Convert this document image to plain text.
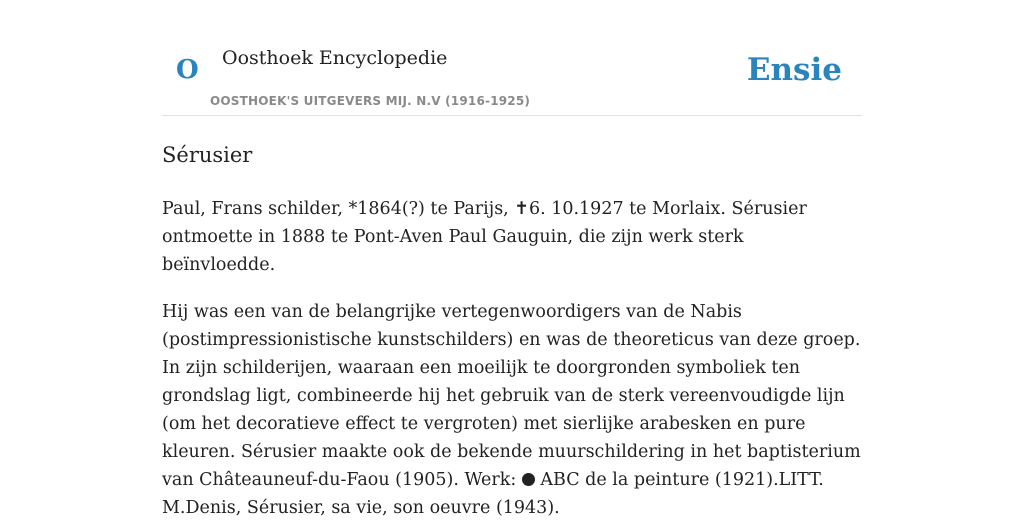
O Oosthoek Encyclopedie
OOSTHOEK'S UITGEVERS MIJ. N.V (1916-1925)
Ensie
Sérusier

Paul, Frans schilder, *1864(?) te Parijs, ✝6. 10.1927 te Morlaix. Sérusier ontmoette in 1888 te Pont-Aven Paul Gauguin, die zijn werk sterk beïnvloedde.

Hij was een van de belangrijke vertegenwoordigers van de Nabis (postimpressionistische kunstschilders) en was de theoreticus van deze groep. In zijn schilderijen, waaraan een moeilijk te doorgronden symboliek ten grondslag ligt, combineerde hij het gebruik van de sterk vereenvoudigde lijn (om het decoratieve effect te vergroten) met sierlijke arabesken en pure kleuren. Sérusier maakte ook de bekende muurschildering in het baptisterium van Châteauneuf-du-Faou (1905). Werk:  ABC de la peinture (1921).LITT. M.Denis, Sérusier, sa vie, son oeuvre (1943).
